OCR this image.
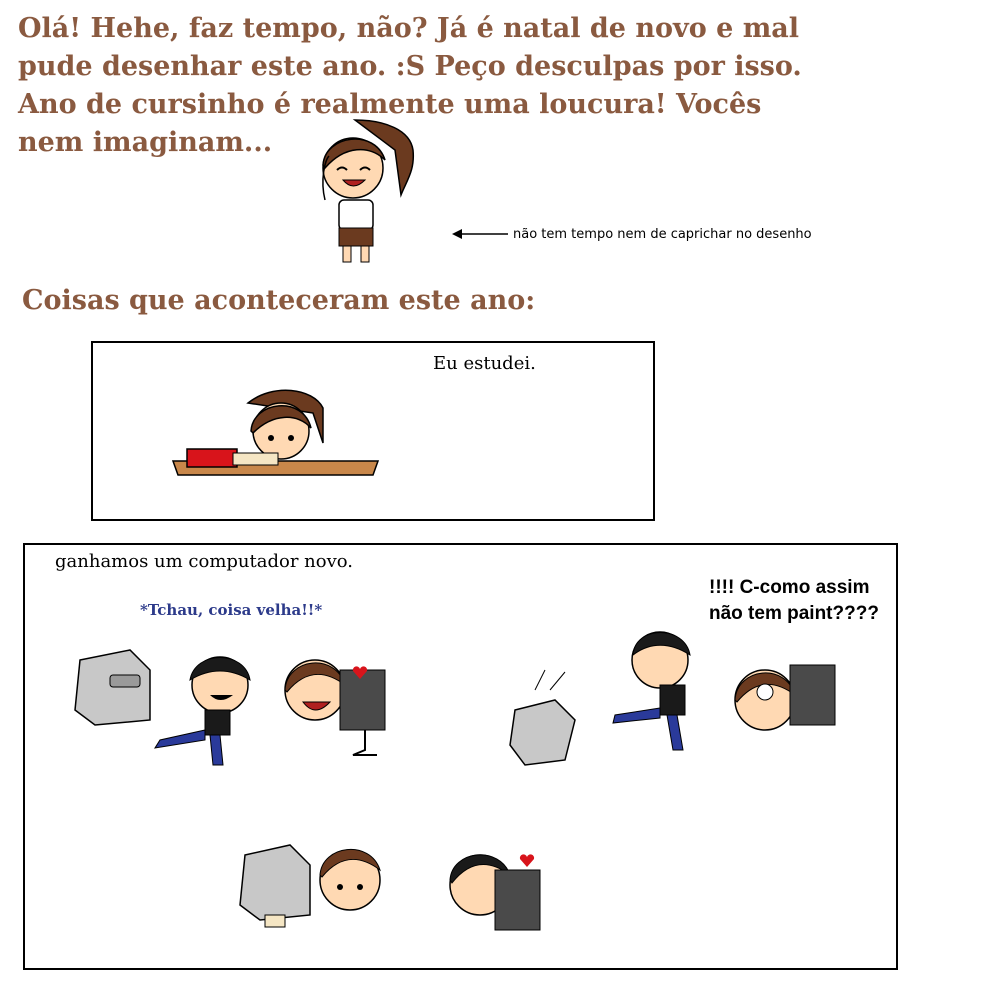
Olá! Hehe, faz tempo, não? Já é natal de novo e mal pude desenhar este ano. :S Peço desculpas por isso. Ano de cursinho é realmente uma loucura! Vocês nem imaginam...
não tem tempo nem de caprichar no desenho
Coisas que aconteceram este ano:
Eu estudei.
ganhamos um computador novo.
*Tchau, coisa velha!!*
!!!! C-como assim
não tem paint????
